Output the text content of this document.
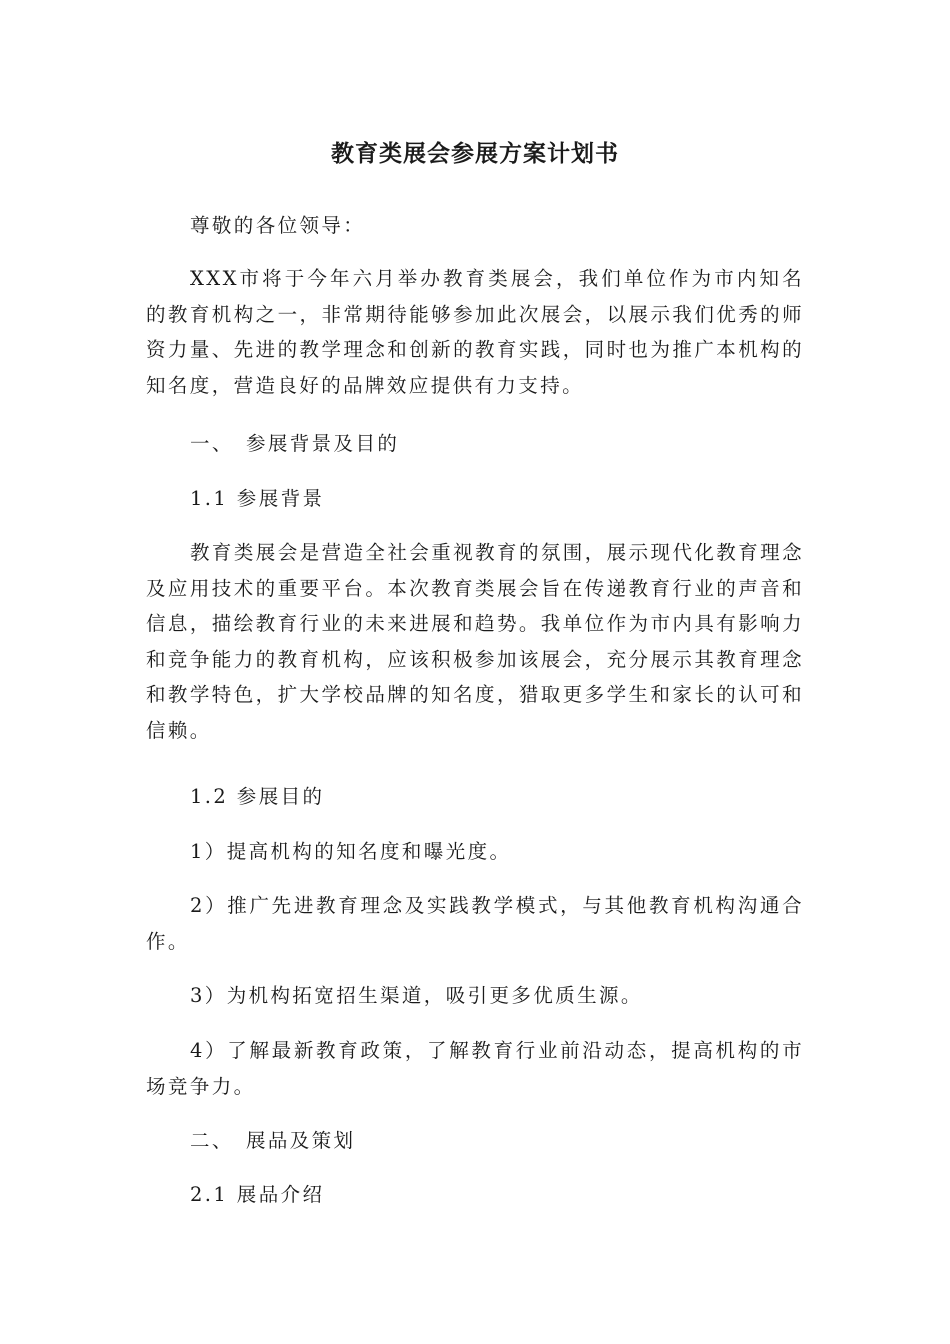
教育类展会参展方案计划书

尊敬的各位领导：

XXX市将于今年六月举办教育类展会，我们单位作为市内知名的教育机构之一，非常期待能够参加此次展会，以展示我们优秀的师资力量、先进的教学理念和创新的教育实践，同时也为推广本机构的知名度，营造良好的品牌效应提供有力支持。

一、　参展背景及目的

1.1 参展背景

教育类展会是营造全社会重视教育的氛围，展示现代化教育理念及应用技术的重要平台。本次教育类展会旨在传递教育行业的声音和信息，描绘教育行业的未来进展和趋势。我单位作为市内具有影响力和竞争能力的教育机构，应该积极参加该展会，充分展示其教育理念和教学特色，扩大学校品牌的知名度，猎取更多学生和家长的认可和信赖。

1.2 参展目的

1）提高机构的知名度和曝光度。

2）推广先进教育理念及实践教学模式，与其他教育机构沟通合作。

3）为机构拓宽招生渠道，吸引更多优质生源。

4）了解最新教育政策，了解教育行业前沿动态，提高机构的市场竞争力。

二、　展品及策划

2.1 展品介绍
